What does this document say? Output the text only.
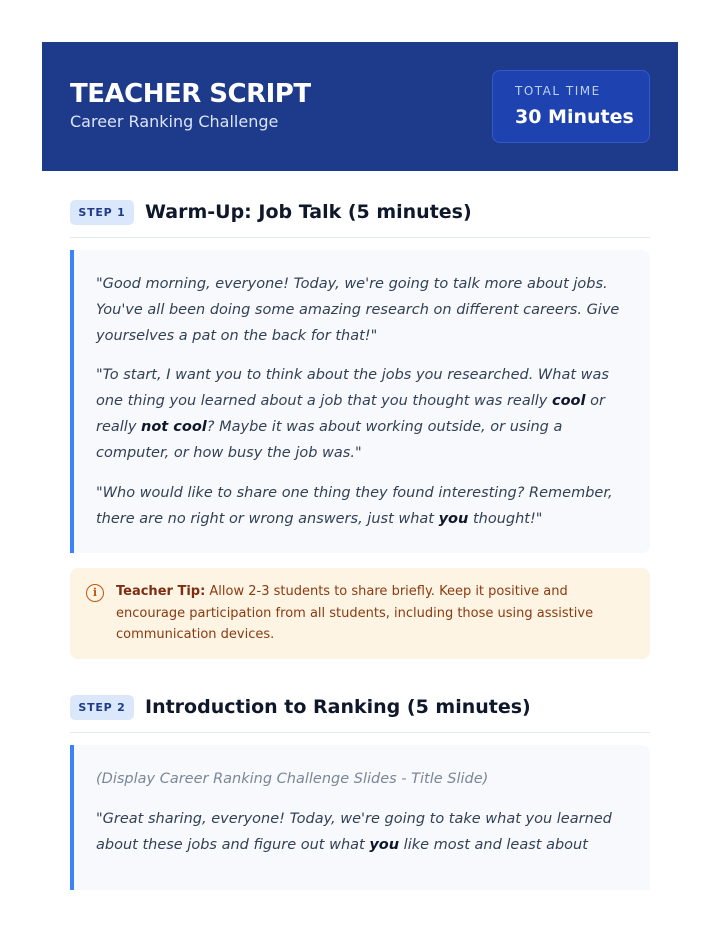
TEACHER SCRIPT
Career Ranking Challenge
TOTAL TIME
30 Minutes
STEP 1	Warm-Up: Job Talk (5 minutes)

"Good morning, everyone! Today, we're going to talk more about jobs. You've all been doing some amazing research on different careers. Give yourselves a pat on the back for that!"

"To start, I want you to think about the jobs you researched. What was one thing you learned about a job that you thought was really cool or really not cool? Maybe it was about working outside, or using a computer, or how busy the job was."

"Who would like to share one thing they found interesting? Remember, there are no right or wrong answers, just what you thought!"

i	Teacher Tip: Allow 2-3 students to share briefly. Keep it positive and encourage participation from all students, including those using assistive communication devices.
STEP 2	Introduction to Ranking (5 minutes)

(Display Career Ranking Challenge Slides - Title Slide)

"Great sharing, everyone! Today, we're going to take what you learned about these jobs and figure out what you like most and least about
